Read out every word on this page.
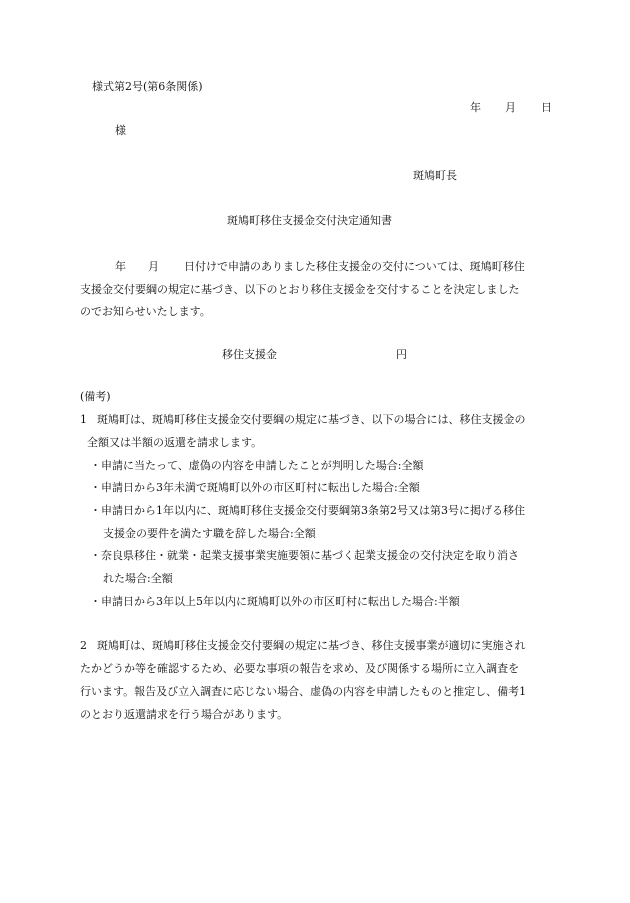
様式第2号(第6条関係)
年 月 日
様
斑鳩町長
斑鳩町移住支援金交付決定通知書
年 月 日付けで申請のありました移住支援金の交付については、斑鳩町移住
支援金交付要綱の規定に基づき、以下のとおり移住支援金を交付することを決定しました
のでお知らせいたします。
移住支援金	円
(備考)
1 斑鳩町は、斑鳩町移住支援金交付要綱の規定に基づき、以下の場合には、移住支援金の
全額又は半額の返還を請求します。
・申請に当たって、虚偽の内容を申請したことが判明した場合:全額
・申請日から3年未満で斑鳩町以外の市区町村に転出した場合:全額
・申請日から1年以内に、斑鳩町移住支援金交付要綱第3条第2号又は第3号に掲げる移住
支援金の要件を満たす職を辞した場合:全額
・奈良県移住・就業・起業支援事業実施要領に基づく起業支援金の交付決定を取り消さ
れた場合:全額
・申請日から3年以上5年以内に斑鳩町以外の市区町村に転出した場合:半額
2 斑鳩町は、斑鳩町移住支援金交付要綱の規定に基づき、移住支援事業が適切に実施され
たかどうか等を確認するため、必要な事項の報告を求め、及び関係する場所に立入調査を
行います。報告及び立入調査に応じない場合、虚偽の内容を申請したものと推定し、備考1
のとおり返還請求を行う場合があります。
